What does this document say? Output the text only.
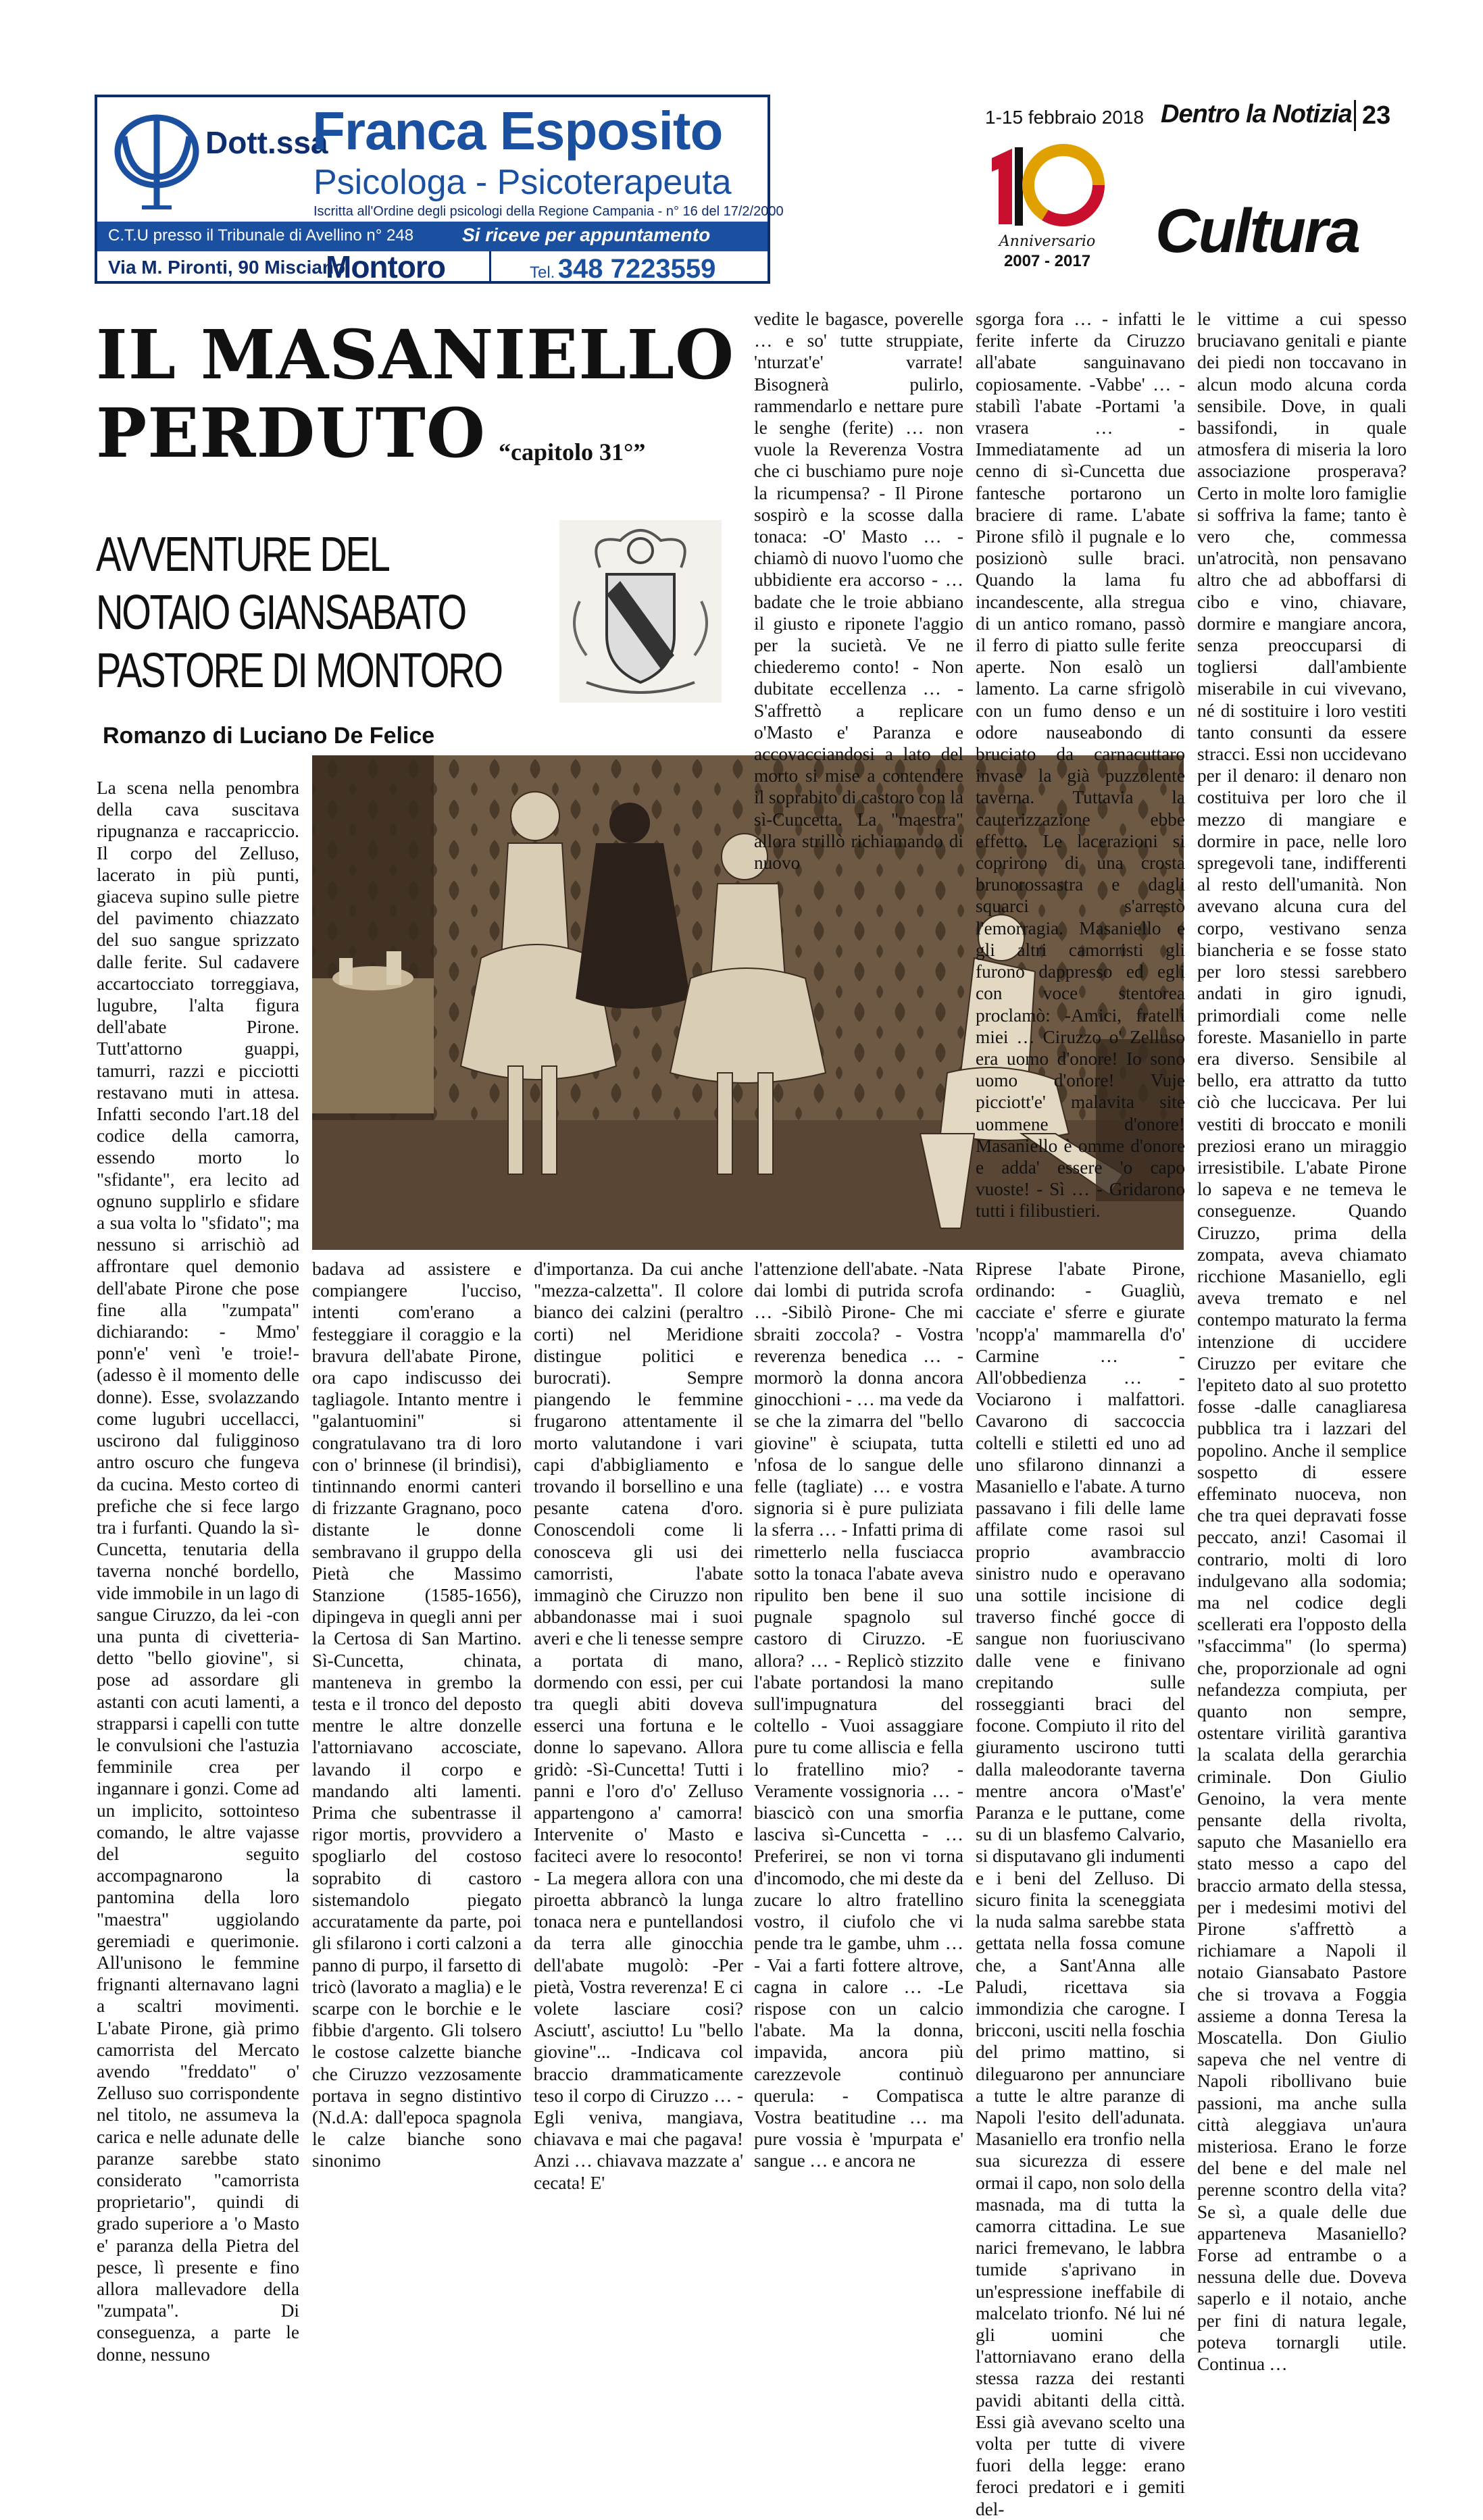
Dott.ssa
Franca Esposito
Psicologa - Psicoterapeuta
Iscritta all'Ordine degli psicologi della Regione Campania - n° 16 del 17/2/2000
C.T.U presso il Tribunale di Avellino n° 248	Si riceve per appuntamento
Via M. Pironti, 90 Misciano
Montoro	Tel. 348 7223559
1-15 febbraio 2018 Dentro la Notizia 23
Anniversario
2007 - 2017 Cultura
IL MASANIELLO
PERDUTO “capitolo 31°”
AVVENTURE DEL
NOTAIO GIANSABATO
PASTORE DI MONTORO
Romanzo di Luciano De Felice
La scena nella penombra della cava suscitava ripugnanza e raccapriccio. Il corpo del Zelluso, lacerato in più punti, giaceva supino sulle pietre del pavimento chiazzato del suo sangue sprizzato dalle ferite. Sul cadavere accartocciato torreggiava, lugubre, l'alta figura dell'abate Pirone. Tutt'attorno guappi, tamurri, razzi e picciotti restavano muti in attesa. Infatti secondo l'art.18 del codice della camorra, essendo morto lo "sfidante", era lecito ad ognuno supplirlo e sfidare a sua volta lo "sfidato"; ma nessuno si arrischiò ad affrontare quel demonio dell'abate Pirone che pose fine alla "zumpata" dichiarando: - Mmo' ponn'e' venì 'e troie!- (adesso è il momento delle donne). Esse, svolazzando come lugubri uccellacci, uscirono dal fuligginoso antro oscuro che fungeva da cucina. Mesto corteo di prefiche che si fece largo tra i furfanti. Quando la sì-Cuncetta, tenutaria della taverna nonché bordello, vide immobile in un lago di sangue Ciruzzo, da lei -con una punta di civetteria- detto "bello giovine", si pose ad assordare gli astanti con acuti lamenti, a strapparsi i capelli con tutte le convulsioni che l'astuzia femminile crea per ingannare i gonzi. Come ad un implicito, sottointeso comando, le altre vajasse del seguito accompagnarono la pantomina della loro "maestra" uggiolando geremiadi e querimonie. All'unisono le femmine frignanti alternavano lagni a scaltri movimenti. L'abate Pirone, già primo camorrista del Mercato avendo "freddato" o' Zelluso suo corrispondente nel titolo, ne assumeva la carica e nelle adunate delle paranze sarebbe stato considerato "camorrista proprietario", quindi di grado superiore a 'o Masto e' paranza della Pietra del pesce, lì presente e fino allora mallevadore della "zumpata". Di conseguenza, a parte le donne, nessuno
badava ad assistere e compiangere l'ucciso, intenti com'erano a festeggiare il coraggio e la bravura dell'abate Pirone, ora capo indiscusso dei tagliagole. Intanto mentre i "galantuomini" si congratulavano tra di loro con o' brinnese (il brindisi), tintinnando enormi canteri di frizzante Gragnano, poco distante le donne sembravano il gruppo della Pietà che Massimo Stanzione (1585-1656), dipingeva in quegli anni per la Certosa di San Martino. Sì-Cuncetta, chinata, manteneva in grembo la testa e il tronco del deposto mentre le altre donzelle l'attorniavano accosciate, lavando il corpo e mandando alti lamenti. Prima che subentrasse il rigor mortis, provvidero a spogliarlo del costoso soprabito di castoro sistemandolo piegato accuratamente da parte, poi gli sfilarono i corti calzoni a panno di purpo, il farsetto di tricò (lavorato a maglia) e le scarpe con le borchie e le fibbie d'argento. Gli tolsero le costose calzette bianche che Ciruzzo vezzosamente portava in segno distintivo (N.d.A: dall'epoca spagnola le calze bianche sono sinonimo
d'importanza. Da cui anche "mezza-calzetta". Il colore bianco dei calzini (peraltro corti) nel Meridione distingue politici e burocrati). Sempre piangendo le femmine frugarono attentamente il morto valutandone i vari capi d'abbigliamento e trovando il borsellino e una pesante catena d'oro. Conoscendoli come li conosceva gli usi dei camorristi, l'abate immaginò che Ciruzzo non abbandonasse mai i suoi averi e che li tenesse sempre a portata di mano, dormendo con essi, per cui tra quegli abiti doveva esserci una fortuna e le donne lo sapevano. Allora gridò: -Sì-Cuncetta! Tutti i panni e l'oro d'o' Zelluso appartengono a' camorra! Intervenite o' Masto e faciteci avere lo resoconto! - La megera allora con una piroetta abbrancò la lunga tonaca nera e puntellandosi da terra alle ginocchia dell'abate mugolò: -Per pietà, Vostra reverenza! E ci volete lasciare cosi? Asciutt', asciutto! Lu "bello giovine"... -Indicava col braccio drammaticamente teso il corpo di Ciruzzo … - Egli veniva, mangiava, chiavava e mai che pagava! Anzi … chiavava mazzate a' cecata! E'
vedite le bagasce, poverelle … e so' tutte struppiate, 'nturzat'e' varrate! Bisognerà pulirlo, rammendarlo e nettare pure le senghe (ferite) … non vuole la Reverenza Vostra che ci buschiamo pure noje la ricumpensa? - Il Pirone sospirò e la scosse dalla tonaca: -O' Masto … - chiamò di nuovo l'uomo che ubbidiente era accorso - … badate che le troie abbiano il giusto e riponete l'aggio per la sucietà. Ve ne chiederemo conto! - Non dubitate eccellenza … - S'affrettò a replicare o'Masto e' Paranza e accovacciandosi a lato del morto si mise a contendere il soprabito di castoro con la sì-Cuncetta. La "maestra" allora strillò richiamando di nuovo
l'attenzione dell'abate. -Nata dai lombi di putrida scrofa … -Sibilò Pirone- Che mi sbraiti zoccola? - Vostra reverenza benedica … - mormorò la donna ancora ginocchioni - … ma vede da se che la zimarra del "bello giovine" è sciupata, tutta 'nfosa de lo sangue delle felle (tagliate) … e vostra signoria si è pure puliziata la sferra … - Infatti prima di rimetterlo nella fusciacca sotto la tonaca l'abate aveva ripulito ben bene il suo pugnale spagnolo sul castoro di Ciruzzo. -E allora? … - Replicò stizzito l'abate portandosi la mano sull'impugnatura del coltello - Vuoi assaggiare pure tu come alliscia e fella lo fratellino mio? - Veramente vossignoria … - biascicò con una smorfia lasciva sì-Cuncetta - … Preferirei, se non vi torna d'incomodo, che mi deste da zucare lo altro fratellino vostro, il ciufolo che vi pende tra le gambe, uhm … - Vai a farti fottere altrove, cagna in calore … -Le rispose con un calcio l'abate. Ma la donna, impavida, ancora più carezzevole continuò querula: - Compatisca Vostra beatitudine … ma pure vossia è 'mpurpata e' sangue … e ancora ne
sgorga fora … - infatti le ferite inferte da Ciruzzo all'abate sanguinavano copiosamente. -Vabbe' … - stabilì l'abate -Portami 'a vrasera … - Immediatamente ad un cenno di sì-Cuncetta due fantesche portarono un braciere di rame. L'abate Pirone sfilò il pugnale e lo posizionò sulle braci. Quando la lama fu incandescente, alla stregua di un antico romano, passò il ferro di piatto sulle ferite aperte. Non esalò un lamento. La carne sfrigolò con un fumo denso e un odore nauseabondo di bruciato da carnacuttaro invase la già puzzolente taverna. Tuttavia la cauterizzazione ebbe effetto. Le lacerazioni si coprirono di una crosta brunorossastra e dagli squarci s'arrestò l'emorragia. Masaniello e gli altri camorristi gli furono dappresso ed egli con voce stentorea proclamò: -Amici, fratelli miei … Ciruzzo o' Zelluso era uomo d'onore! Io sono uomo d'onore! Vuje picciott'e' malavita site uommene d'onore! Masaniello è omme d'onore e adda' essere 'o capo vuoste! - Sì … - Gridarono tutti i filibustieri.
Riprese l'abate Pirone, ordinando: - Guagliù, cacciate e' sferre e giurate 'ncopp'a' mammarella d'o' Carmine … - All'obbedienza … - Vociarono i malfattori. Cavarono di saccoccia coltelli e stiletti ed uno ad uno sfilarono dinnanzi a Masaniello e l'abate. A turno passavano i fili delle lame affilate come rasoi sul proprio avambraccio sinistro nudo e operavano una sottile incisione di traverso finché gocce di sangue non fuoriuscivano dalle vene e finivano crepitando sulle rosseggianti braci del focone. Compiuto il rito del giuramento uscirono tutti dalla maleodorante taverna mentre ancora o'Mast'e' Paranza e le puttane, come su di un blasfemo Calvario, si disputavano gli indumenti e i beni del Zelluso. Di sicuro finita la sceneggiata la nuda salma sarebbe stata gettata nella fossa comune che, a Sant'Anna alle Paludi, ricettava sia immondizia che carogne. I bricconi, usciti nella foschia del primo mattino, si dileguarono per annunciare a tutte le altre paranze di Napoli l'esito dell'adunata. Masaniello era tronfio nella sua sicurezza di essere ormai il capo, non solo della masnada, ma di tutta la camorra cittadina. Le sue narici fremevano, le labbra tumide s'aprivano in un'espressione ineffabile di malcelato trionfo. Né lui né gli uomini che l'attorniavano erano della stessa razza dei restanti pavidi abitanti della città. Essi già avevano scelto una volta per tutte di vivere fuori della legge: erano feroci predatori e i gemiti del-
le vittime a cui spesso bruciavano genitali e piante dei piedi non toccavano in alcun modo alcuna corda sensibile. Dove, in quali bassifondi, in quale atmosfera di miseria la loro associazione prosperava? Certo in molte loro famiglie si soffriva la fame; tanto è vero che, commessa un'atrocità, non pensavano altro che ad abboffarsi di cibo e vino, chiavare, dormire e mangiare ancora, senza preoccuparsi di togliersi dall'ambiente miserabile in cui vivevano, né di sostituire i loro vestiti tanto consunti da essere stracci. Essi non uccidevano per il denaro: il denaro non costituiva per loro che il mezzo di mangiare e dormire in pace, nelle loro spregevoli tane, indifferenti al resto dell'umanità. Non avevano alcuna cura del corpo, vestivano senza biancheria e se fosse stato per loro stessi sarebbero andati in giro ignudi, primordiali come nelle foreste. Masaniello in parte era diverso. Sensibile al bello, era attratto da tutto ciò che luccicava. Per lui vestiti di broccato e monili preziosi erano un miraggio irresistibile. L'abate Pirone lo sapeva e ne temeva le conseguenze. Quando Ciruzzo, prima della zompata, aveva chiamato ricchione Masaniello, egli aveva tremato e nel contempo maturato la ferma intenzione di uccidere Ciruzzo per evitare che l'epiteto dato al suo protetto fosse -dalle canagliaresa pubblica tra i lazzari del popolino. Anche il semplice sospetto di essere effeminato nuoceva, non che tra quei depravati fosse peccato, anzi! Casomai il contrario, molti di loro indulgevano alla sodomia; ma nel codice degli scellerati era l'opposto della "sfaccimma" (lo sperma) che, proporzionale ad ogni nefandezza compiuta, per quanto non sempre, ostentare virilità garantiva la scalata della gerarchia criminale. Don Giulio Genoino, la vera mente pensante della rivolta, saputo che Masaniello era stato messo a capo del braccio armato della stessa, per i medesimi motivi del Pirone s'affrettò a richiamare a Napoli il notaio Giansabato Pastore che si trovava a Foggia assieme a donna Teresa la Moscatella. Don Giulio sapeva che nel ventre di Napoli ribollivano buie passioni, ma anche sulla città aleggiava un'aura misteriosa. Erano le forze del bene e del male nel perenne scontro della vita? Se sì, a quale delle due apparteneva Masaniello? Forse ad entrambe o a nessuna delle due. Doveva saperlo e il notaio, anche per fini di natura legale, poteva tornargli utile. Continua …
